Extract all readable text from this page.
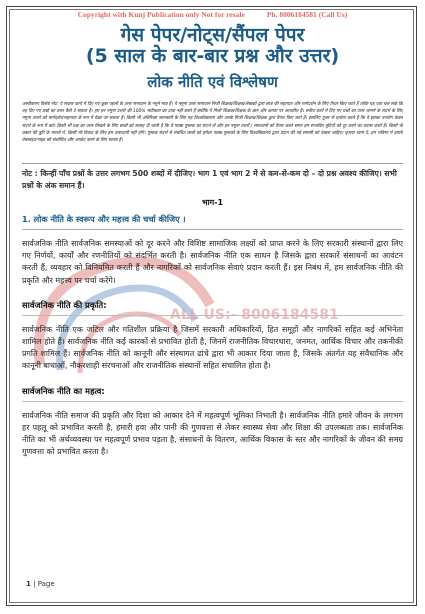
ALL US:- 8006184581
Copyright with Kunj Publication only Not for resale	Ph. 8006184581 (Call Us)
गेस पेपर/नोट्स/सैंपल पेपर
(5 साल के बार-बार प्रश्न और उत्तर)
लोक नीति एवं विश्लेषण
अस्वीकरण विशेष नोट: ये सवाल कार्य में दिए गए कुछ पहलों के उत्तर समाधान के नमूने मात्र हैं। ये नमूना उत्तर समाधान निजी शिक्षक/शिक्षक/लेखकों द्वारा छात्र की सहायता और मार्गदर्शन के लिए तैयार किए जाते हैं ताकि यह पता चल सके कि वह दिए गए प्रश्नों का उत्तर कैसे दे सकता है। हम इन नमूना उत्तरों की 100% सटीकता का दावा नहीं करते हैं क्योंकि ये निजी शिक्षक/शिक्षक के ज्ञान और क्षमता पर आधारित हैं। सवीध कार्य में दिए गए प्रश्नों का उत्तर जानने के संदर्भ के लिए नमूना उत्तरों को मार्गदर्शन/सहायता के रूप में देखा जा सकता है। किसी भी अतिरिक्त जानकारी के लिए यह विश्वविद्यालय और उसके निजी शिक्षक/शिक्षक द्वारा तैयार किए जाते हैं। इसलिए यूजर से प्रार्थना करते हैं कि वे इसका उपयोग केवल संदर्भ के रूप में करें। किसी भी प्रश्न का उत्तर लिखने के लिए छात्रों को सलाह दी जाती है कि वे पाठ्य पुस्तक का संदर्भ लें और इन नमूना उत्तरों / समाधानों को तैयार करते समय हम संभावित त्रुटियों को दूर करने का प्रयास करते हैं। किसी भी प्रकार की त्रुटि के मामले में, किसी भी विवाद के लिए हम उत्तरदायी नहीं होंगे। पुस्तक संदर्भ से संबंधित छात्रों को हमेशा पाठ्य पुस्तकों के लिए विश्वविद्यालय द्वारा प्रदान की गई सामग्री को देखना चाहिए। कृपया ध्यान दें, हम भविष्य में हमारी वेबसाइट/गाइड को संशोधित और अपडेट करने के लिए स्वतंत्र हैं।
नोट : किन्हीं पाँच प्रश्नों के उत्तर लगभग 500 शब्दों में दीजिए। भाग 1 एवं भाग 2 में से कम-से-कम दो – दो प्रश्न अवश्य कीजिए। सभी प्रश्नों के अंक समान हैं।
भाग-1
1. लोक नीति के स्वरूप और महत्त्व की चर्चा कीजिए ।
सार्वजनिक नीति सार्वजनिक समस्याओं को दूर करने और विशिष्ट सामाजिक लक्ष्यों को प्राप्त करने के लिए सरकारी संस्थानों द्वारा लिए गए निर्णयों, कार्यों और रणनीतियों को संदर्भित करती है। सार्वजनिक नीति एक साधन है जिसके द्वारा सरकारें संसाधनों का आवंटन करती हैं, व्यवहार को विनियमित करती हैं और नागरिकों को सार्वजनिक सेवाएं प्रदान करती हैं। इस निबंध में, हम सार्वजनिक नीति की प्रकृति और महत्त्व पर चर्चा करेंगे।
सार्वजनिक नीति की प्रकृति:
सार्वजनिक नीति एक जटिल और गतिशील प्रक्रिया है जिसमें सरकारी अधिकारियों, हित समूहों और नागरिकों सहित कई अभिनेता शामिल होते हैं। सार्वजनिक नीति कई कारकों से प्रभावित होती है, जिनमें राजनीतिक विचारधारा, जनमत, आर्थिक विचार और तकनीकी प्रगति शामिल हैं। सार्वजनिक नीति को कानूनी और संस्थागत ढांचे द्वारा भी आकार दिया जाता है, जिसके अंतर्गत यह संवैधानिक और कानूनी बाधाओं, नौकरशाही संरचनाओं और राजनीतिक संस्थानों सहित संचालित होता है।
सार्वजनिक नीति का महत्व:
सार्वजनिक नीति समाज की प्रकृति और दिशा को आकार देने में महत्वपूर्ण भूमिका निभाती है। सार्वजनिक नीति हमारे जीवन के लगभग हर पहलू को प्रभावित करती है, हमारी हवा और पानी की गुणवत्ता से लेकर स्वास्थ्य सेवा और शिक्षा की उपलब्धता तक। सार्वजनिक नीति का भी अर्थव्यवस्था पर महत्वपूर्ण प्रभाव पड़ता है, संसाधनों के वितरण, आर्थिक विकास के स्तर और नागरिकों के जीवन की समग्र गुणवत्ता को प्रभावित करता है।
1 | Page
